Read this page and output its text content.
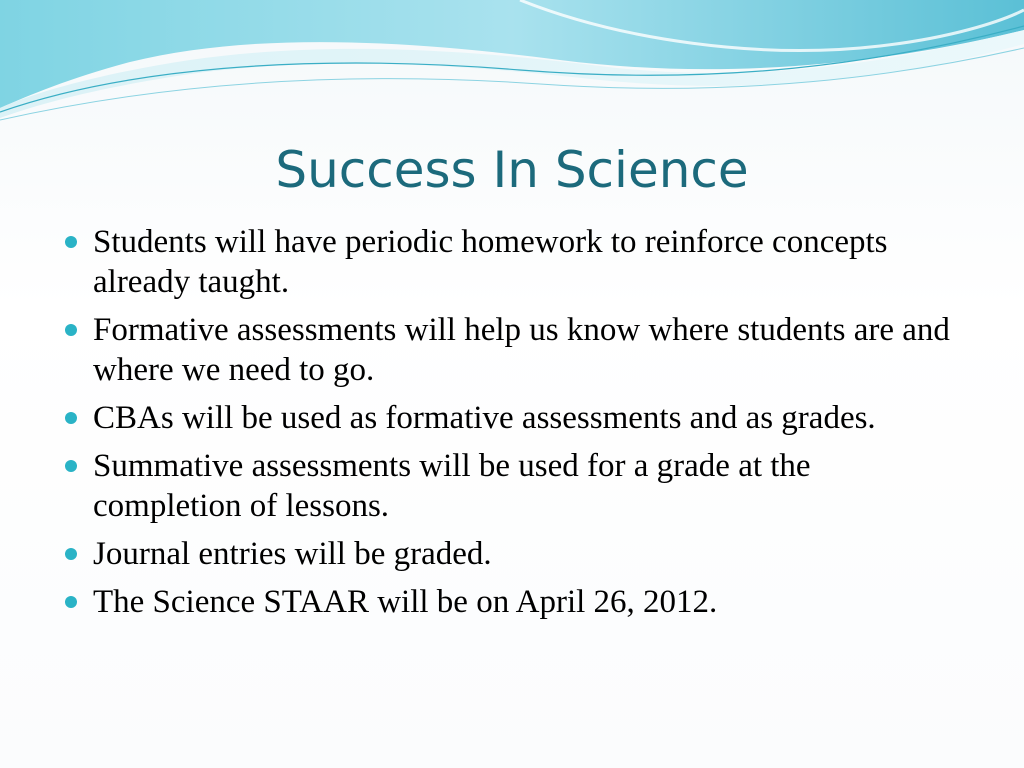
Success In Science
Students will have periodic homework to reinforce concepts already taught.
Formative assessments will help us know where students are and where we need to go.
CBAs will be used as formative assessments and as grades.
Summative assessments will be used for a grade at the completion of lessons.
Journal entries will be graded.
The Science STAAR will be on April 26, 2012.
